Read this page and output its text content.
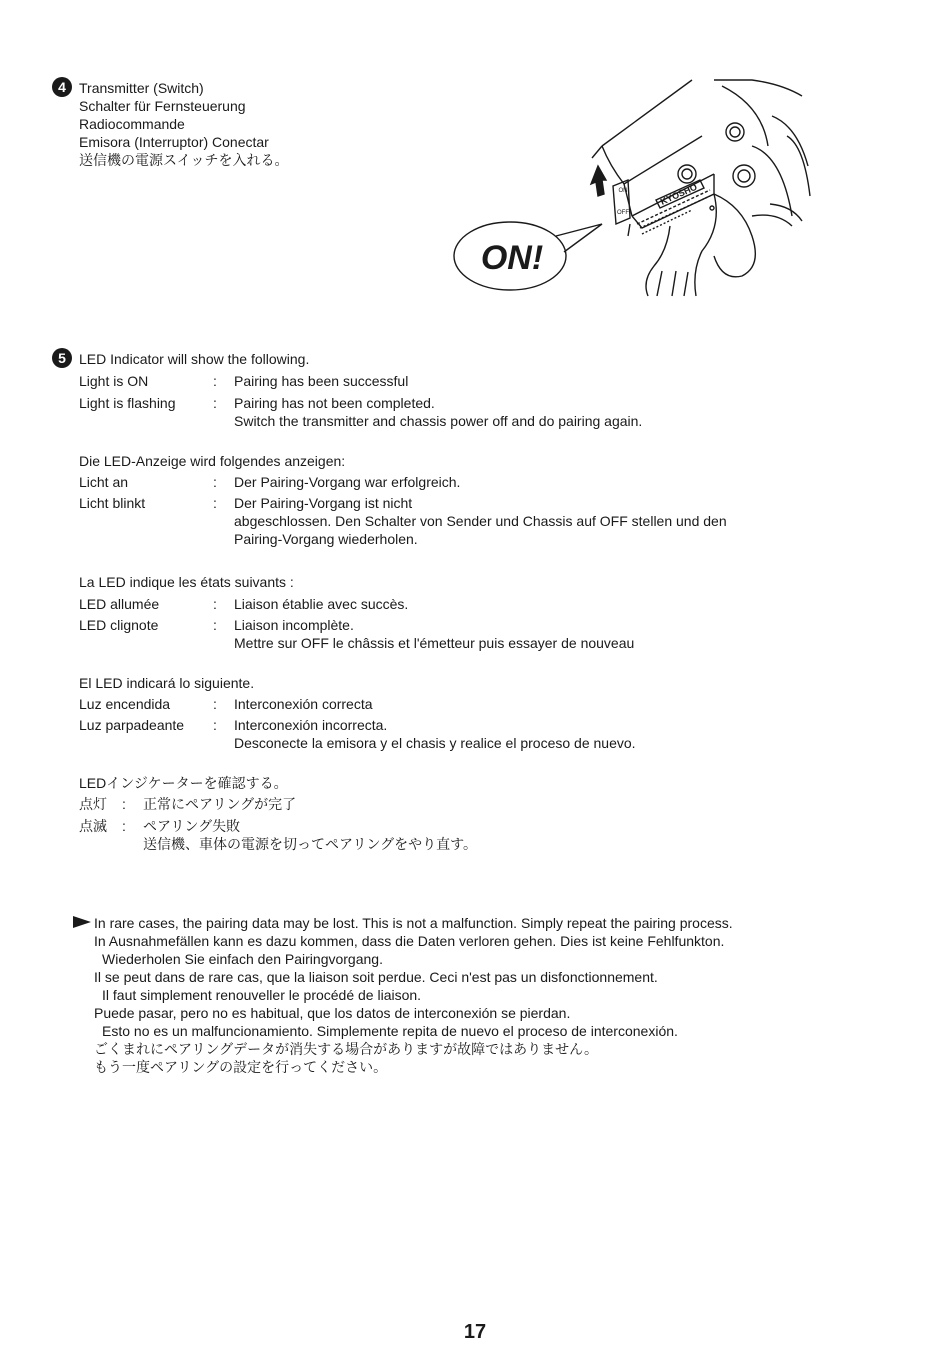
4 Transmitter (Switch)
Schalter für Fernsteuerung
Radiocommande
Emisora (Interruptor) Conectar
送信機の電源スイッチを入れる。
ON!
ON
OFF
KYOSHO
5 LED Indicator will show the following.
Light is ON	: Pairing has been successful
Light is flashing	: Pairing has not been completed.
Switch the transmitter and chassis power off and do pairing again.
Die LED-Anzeige wird folgendes anzeigen:
Licht an	: Der Pairing-Vorgang war erfolgreich.
Licht blinkt	: Der Pairing-Vorgang ist nicht
abgeschlossen. Den Schalter von Sender und Chassis auf OFF stellen und den
Pairing-Vorgang wiederholen.
La LED indique les états suivants :
LED allumée	: Liaison établie avec succès.
LED clignote	: Liaison incomplète.
Mettre sur OFF le châssis et l'émetteur puis essayer de nouveau
El LED indicará lo siguiente.
Luz encendida	: Interconexión correcta
Luz parpadeante : Interconexión incorrecta.
Desconecte la emisora y el chasis y realice el proceso de nuevo.
LEDインジケーターを確認する。
点灯 : 正常にペアリングが完了
点滅 : ペアリング失敗
送信機、車体の電源を切ってペアリングをやり直す。
In rare cases, the pairing data may be lost. This is not a malfunction. Simply repeat the pairing process.
In Ausnahmefällen kann es dazu kommen, dass die Daten verloren gehen. Dies ist keine Fehlfunkton.
Wiederholen Sie einfach den Pairingvorgang.
Il se peut dans de rare cas, que la liaison soit perdue. Ceci n'est pas un disfonctionnement.
Il faut simplement renouveller le procédé de liaison.
Puede pasar, pero no es habitual, que los datos de interconexión se pierdan.
Esto no es un malfuncionamiento. Simplemente repita de nuevo el proceso de interconexión.
ごくまれにペアリングデータが消失する場合がありますが故障ではありません。
もう一度ペアリングの設定を行ってください。
17
